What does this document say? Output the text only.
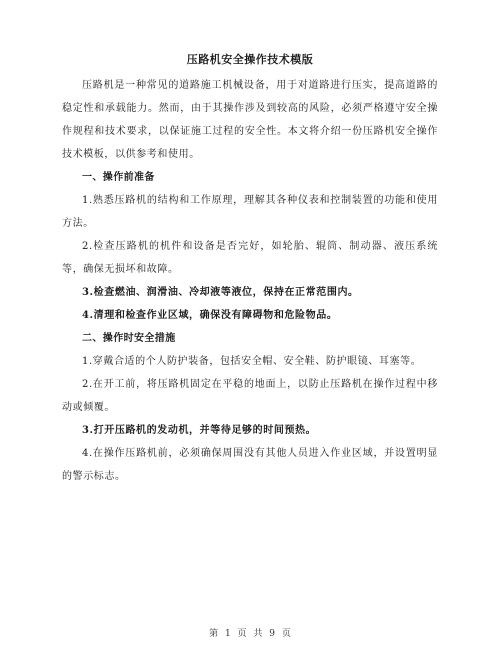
压路机安全操作技术模版

压路机是一种常见的道路施工机械设备，用于对道路进行压实，提高道路的稳定性和承载能力。然而，由于其操作涉及到较高的风险，必须严格遵守安全操作规程和技术要求，以保证施工过程的安全性。本文将介绍一份压路机安全操作技术模板，以供参考和使用。

一、操作前准备

1.熟悉压路机的结构和工作原理，理解其各种仪表和控制装置的功能和使用方法。

2.检查压路机的机件和设备是否完好，如轮胎、辊筒、制动器、液压系统等，确保无损坏和故障。

3.检查燃油、润滑油、冷却液等液位，保持在正常范围内。

4.清理和检查作业区域，确保没有障碍物和危险物品。

二、操作时安全措施

1.穿戴合适的个人防护装备，包括安全帽、安全鞋、防护眼镜、耳塞等。

2.在开工前，将压路机固定在平稳的地面上，以防止压路机在操作过程中移动或倾覆。

3.打开压路机的发动机，并等待足够的时间预热。

4.在操作压路机前，必须确保周围没有其他人员进入作业区域，并设置明显的警示标志。

第 1 页 共 9 页
